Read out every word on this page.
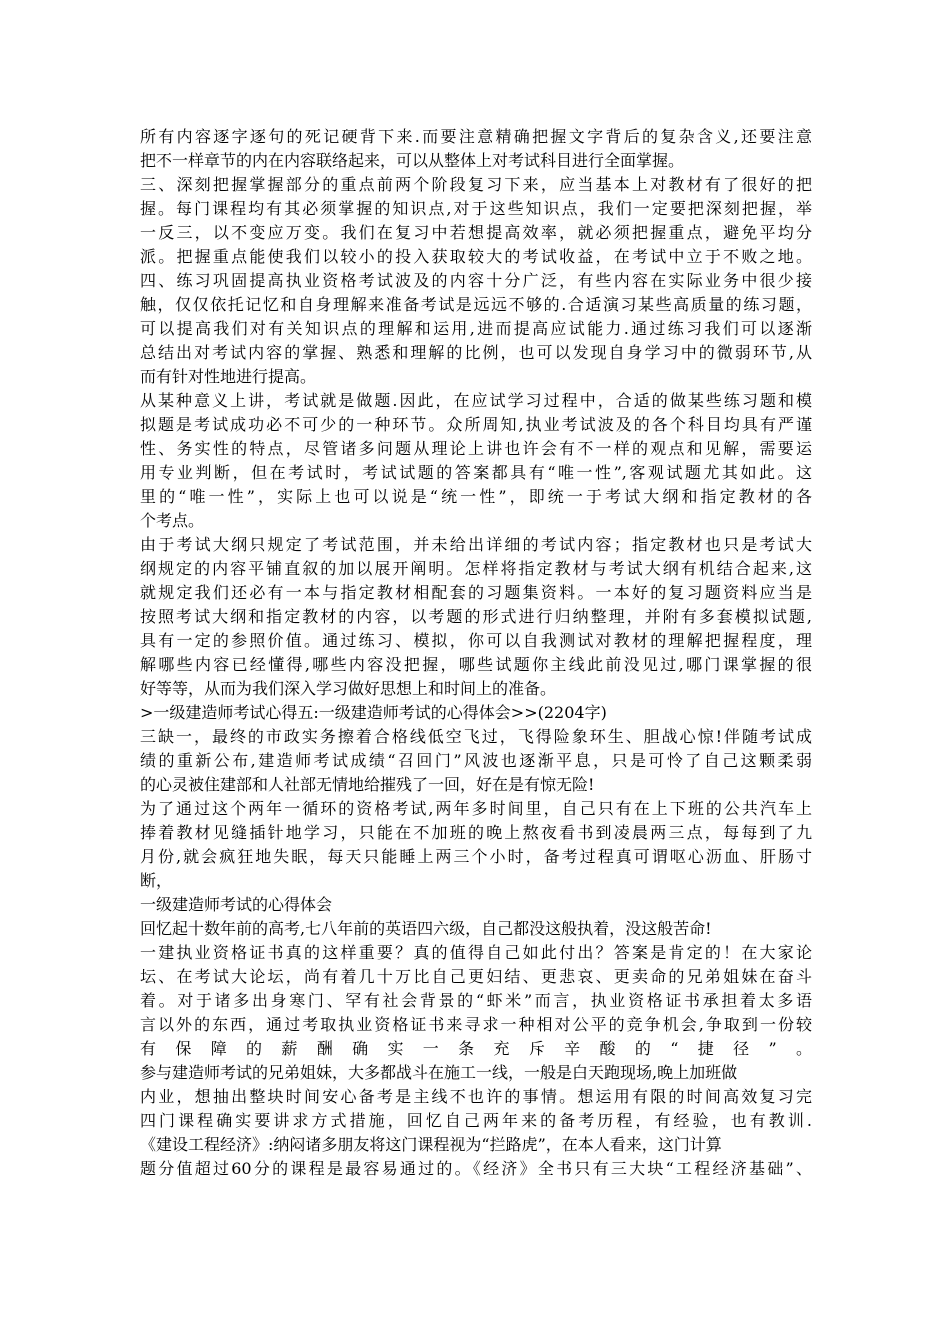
所有内容逐字逐句的死记硬背下来.而要注意精确把握文字背后的复杂含义,还要注意
把不一样章节的内在内容联络起来，可以从整体上对考试科目进行全面掌握。
三、深刻把握掌握部分的重点前两个阶段复习下来，应当基本上对教材有了很好的把
握。每门课程均有其必须掌握的知识点,对于这些知识点，我们一定要把深刻把握，举
一反三，以不变应万变。我们在复习中若想提高效率，就必须把握重点，避免平均分
派。把握重点能使我们以较小的投入获取较大的考试收益，在考试中立于不败之地。
四、练习巩固提高执业资格考试波及的内容十分广泛，有些内容在实际业务中很少接
触，仅仅依托记忆和自身理解来准备考试是远远不够的.合适演习某些高质量的练习题，
可以提高我们对有关知识点的理解和运用,进而提高应试能力.通过练习我们可以逐渐
总结出对考试内容的掌握、熟悉和理解的比例，也可以发现自身学习中的微弱环节,从
而有针对性地进行提高。
从某种意义上讲，考试就是做题.因此，在应试学习过程中，合适的做某些练习题和模
拟题是考试成功必不可少的一种环节。众所周知,执业考试波及的各个科目均具有严谨
性、务实性的特点，尽管诸多问题从理论上讲也许会有不一样的观点和见解，需要运
用专业判断，但在考试时，考试试题的答案都具有“唯一性”,客观试题尤其如此。这
里的“唯一性”，实际上也可以说是“统一性”，即统一于考试大纲和指定教材的各
个考点。
由于考试大纲只规定了考试范围，并未给出详细的考试内容；指定教材也只是考试大
纲规定的内容平铺直叙的加以展开阐明。怎样将指定教材与考试大纲有机结合起来,这
就规定我们还必有一本与指定教材相配套的习题集资料。一本好的复习题资料应当是
按照考试大纲和指定教材的内容，以考题的形式进行归纳整理，并附有多套模拟试题,
具有一定的参照价值。通过练习、模拟，你可以自我测试对教材的理解把握程度，理
解哪些内容已经懂得,哪些内容没把握，哪些试题你主线此前没见过,哪门课掌握的很
好等等，从而为我们深入学习做好思想上和时间上的准备。
>一级建造师考试心得五:一级建造师考试的心得体会>>(2204字)
三缺一，最终的市政实务擦着合格线低空飞过，飞得险象环生、胆战心惊!伴随考试成
绩的重新公布,建造师考试成绩“召回门”风波也逐渐平息，只是可怜了自己这颗柔弱
的心灵被住建部和人社部无情地给摧残了一回，好在是有惊无险!
为了通过这个两年一循环的资格考试,两年多时间里，自己只有在上下班的公共汽车上
捧着教材见缝插针地学习，只能在不加班的晚上熬夜看书到凌晨两三点，每每到了九
月份,就会疯狂地失眠，每天只能睡上两三个小时，备考过程真可谓呕心沥血、肝肠寸
断，
一级建造师考试的心得体会
回忆起十数年前的高考,七八年前的英语四六级，自己都没这般执着，没这般苦命!
一建执业资格证书真的这样重要？真的值得自己如此付出？答案是肯定的！在大家论
坛、在考试大论坛，尚有着几十万比自己更妇结、更悲哀、更卖命的兄弟姐妹在奋斗
着。对于诸多出身寒门、罕有社会背景的“虾米”而言，执业资格证书承担着太多语
言以外的东西，通过考取执业资格证书来寻求一种相对公平的竞争机会,争取到一份较
有保障的薪酬确实一条充斥辛酸的“捷径”。
参与建造师考试的兄弟姐妹，大多都战斗在施工一线，一般是白天跑现场,晚上加班做
内业，想抽出整块时间安心备考是主线不也许的事情。想运用有限的时间高效复习完
四门课程确实要讲求方式措施，回忆自己两年来的备考历程，有经验，也有教训.
《建设工程经济》:纳闷诸多朋友将这门课程视为“拦路虎”，在本人看来，这门计算
题分值超过60分的课程是最容易通过的。《经济》全书只有三大块“工程经济基础”、
